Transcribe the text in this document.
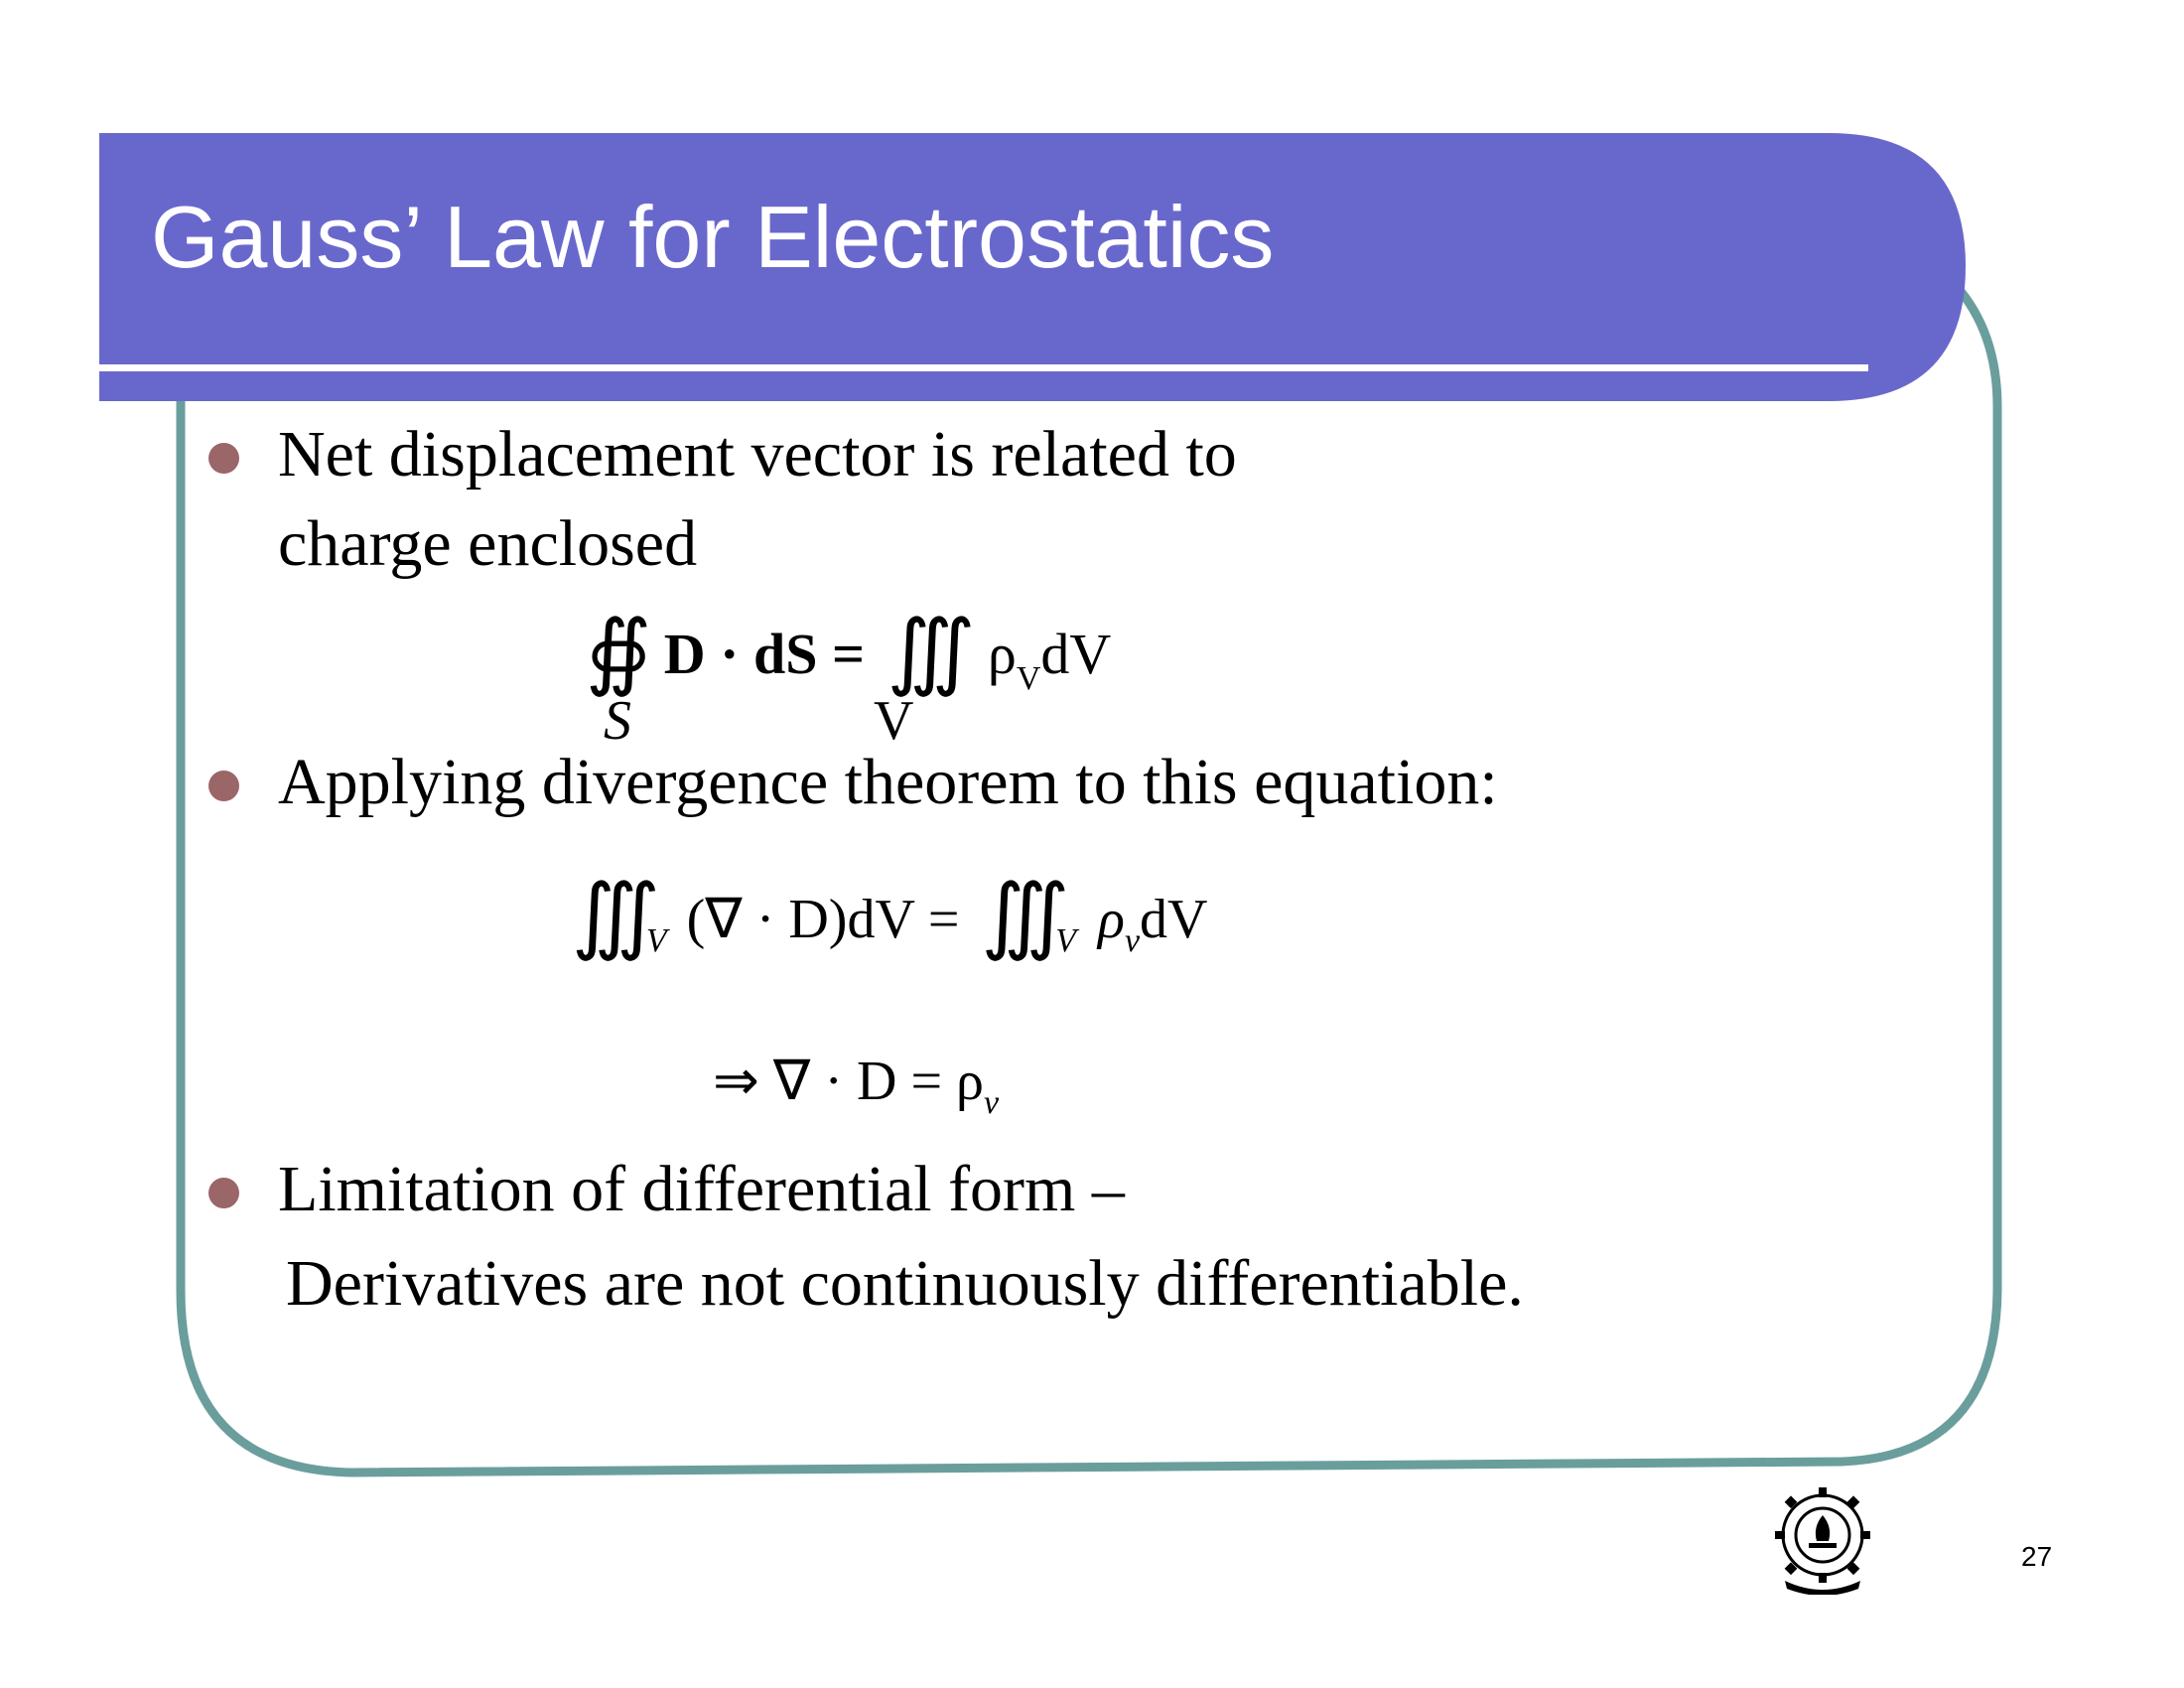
Gauss’ Law for Electrostatics
Net displacement vector is related to
charge enclosed
∯ D · dS = ∭ $\rho_VdV$
S	V
Applying divergence theorem to this equation:
$∭_V$ (∇ · $D)dV = ∭_V$ $\rho_vdV$
⇒ ∇ · $D = \rho_v$
Limitation of differential form –
Derivatives are not continuously differentiable.
27
